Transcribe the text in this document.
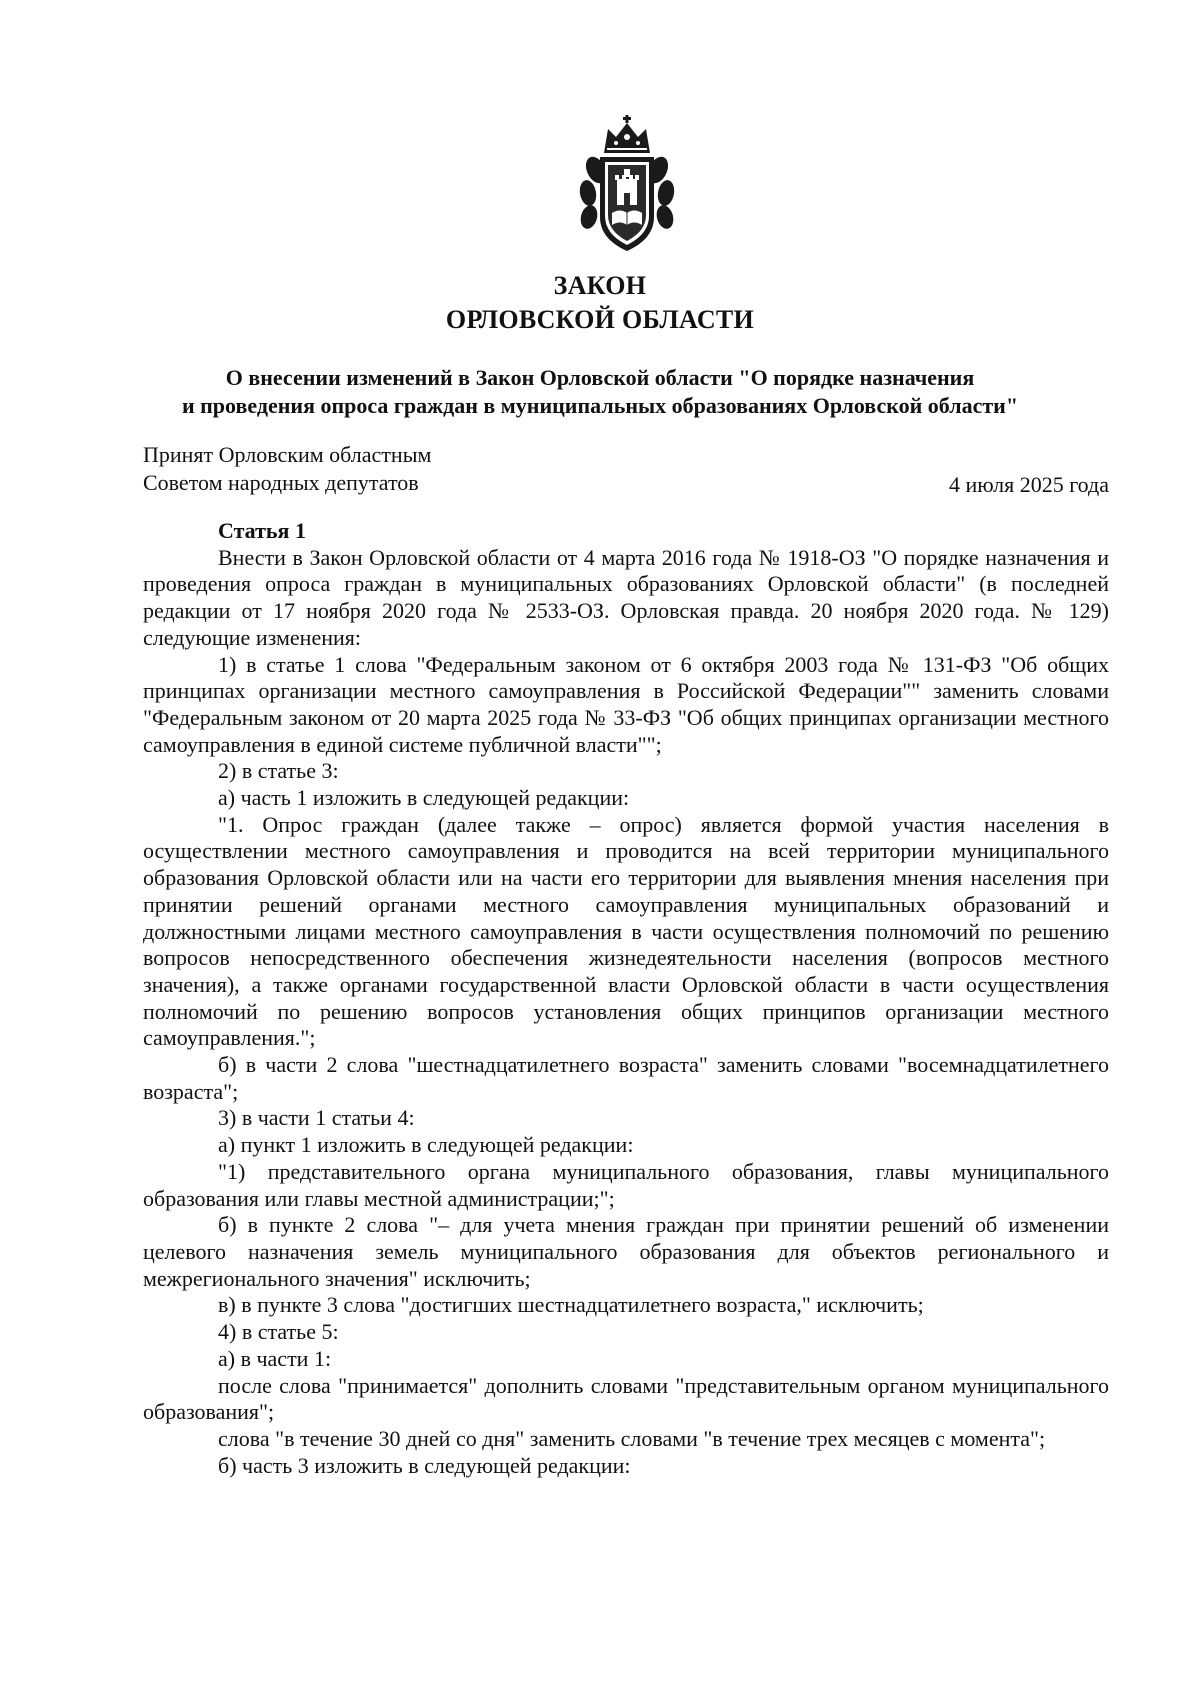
ЗАКОН
ОРЛОВСКОЙ ОБЛАСТИ
О внесении изменений в Закон Орловской области "О порядке назначения
и проведения опроса граждан в муниципальных образованиях Орловской области"
Принят Орловским областным
Советом народных депутатов	4 июля 2025 года

Статья 1

Внести в Закон Орловской области от 4 марта 2016 года № 1918-ОЗ "О порядке назначения и проведения опроса граждан в муниципальных образованиях Орловской области" (в последней редакции от 17 ноября 2020 года № 2533-ОЗ. Орловская правда. 20 ноября 2020 года. № 129) следующие изменения:

1) в статье 1 слова "Федеральным законом от 6 октября 2003 года № 131-ФЗ "Об общих принципах организации местного самоуправления в Российской Федерации"" заменить словами "Федеральным законом от 20 марта 2025 года № 33-ФЗ "Об общих принципах организации местного самоуправления в единой системе публичной власти"";

2) в статье 3:

а) часть 1 изложить в следующей редакции:

"1. Опрос граждан (далее также – опрос) является формой участия населения в осуществлении местного самоуправления и проводится на всей территории муниципального образования Орловской области или на части его территории для выявления мнения населения при принятии решений органами местного самоуправления муниципальных образований и должностными лицами местного самоуправления в части осуществления полномочий по решению вопросов непосредственного обеспечения жизнедеятельности населения (вопросов местного значения), а также органами государственной власти Орловской области в части осуществления полномочий по решению вопросов установления общих принципов организации местного самоуправления.";

б) в части 2 слова "шестнадцатилетнего возраста" заменить словами "восемнадцатилетнего возраста";

3) в части 1 статьи 4:

а) пункт 1 изложить в следующей редакции:

"1) представительного органа муниципального образования, главы муниципального образования или главы местной администрации;";

б) в пункте 2 слова "– для учета мнения граждан при принятии решений об изменении целевого назначения земель муниципального образования для объектов регионального и межрегионального значения" исключить;

в) в пункте 3 слова "достигших шестнадцатилетнего возраста," исключить;

4) в статье 5:

а) в части 1:

после слова "принимается" дополнить словами "представительным органом муниципального образования";

слова "в течение 30 дней со дня" заменить словами "в течение трех месяцев с момента";

б) часть 3 изложить в следующей редакции:
